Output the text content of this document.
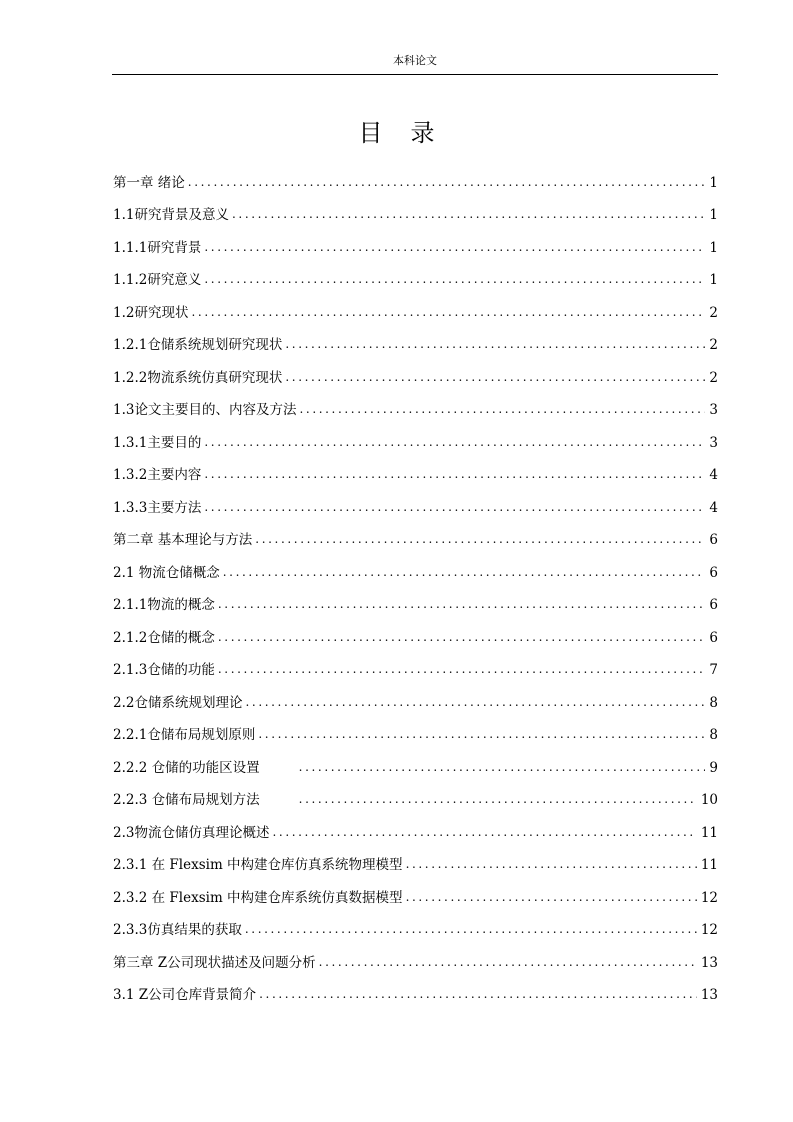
本科论文
目录
第一章 绪论 .....	1
1.1研究背景及意义 .....	1
1.1.1研究背景 .....	1
1.1.2研究意义 .....	1
1.2研究现状 .....	2
1.2.1仓储系统规划研究现状 .....	2
1.2.2物流系统仿真研究现状 .....	2
1.3论文主要目的、内容及方法 .....	3
1.3.1主要目的 .....	3
1.3.2主要内容 .....	4
1.3.3主要方法 .....	4
第二章 基本理论与方法 .....	6
2.1 物流仓储概念 .....	6
2.1.1物流的概念 .....	6
2.1.2仓储的概念 .....	6
2.1.3仓储的功能 .....	7
2.2仓储系统规划理论 .....	8
2.2.1仓储布局规划原则 .....	8
2.2.2 仓储的功能区设置 .....	9
2.2.3 仓储布局规划方法 .....	10
2.3物流仓储仿真理论概述 .....	11
2.3.1 在 Flexsim 中构建仓库仿真系统物理模型 .....	11
2.3.2 在 Flexsim 中构建仓库系统仿真数据模型 .....	12
2.3.3仿真结果的获取 .....	12
第三章 Z公司现状描述及问题分析 .....	13
3.1 Z公司仓库背景简介 .....	13
